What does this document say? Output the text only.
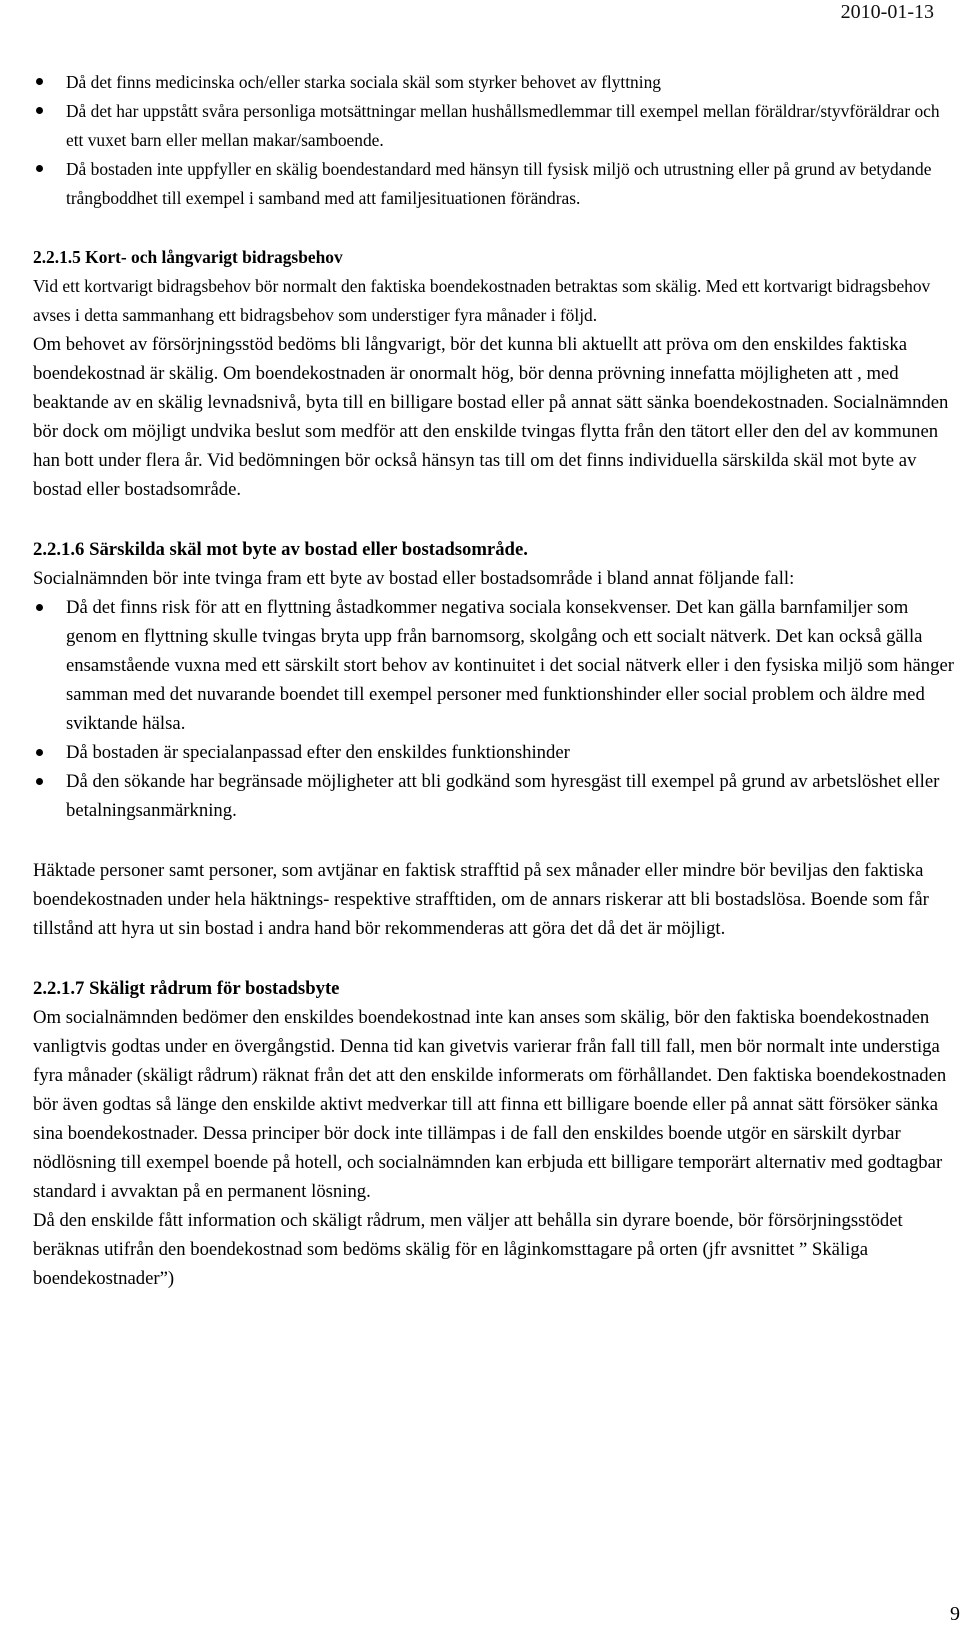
2010-01-13
Då det finns medicinska och/eller starka sociala skäl som styrker behovet av flyttning
Då det har uppstått svåra personliga motsättningar mellan hushållsmedlemmar till exempel mellan föräldrar/styvföräldrar och ett vuxet barn eller mellan makar/samboende.
Då bostaden inte uppfyller en skälig boendestandard med hänsyn till fysisk miljö och utrustning eller på grund av betydande trångboddhet till exempel i samband med att familjesituationen förändras.

2.2.1.5 Kort- och långvarigt bidragsbehov

Vid ett kortvarigt bidragsbehov bör normalt den faktiska boendekostnaden betraktas som skälig. Med ett kortvarigt bidragsbehov avses i detta sammanhang ett bidragsbehov som understiger fyra månader i följd.

Om behovet av försörjningsstöd bedöms bli långvarigt, bör det kunna bli aktuellt att pröva om den enskildes faktiska boendekostnad är skälig. Om boendekostnaden är onormalt hög, bör denna prövning innefatta möjligheten att , med beaktande av en skälig levnadsnivå, byta till en billigare bostad eller på annat sätt sänka boendekostnaden. Socialnämnden bör dock om möjligt undvika beslut som medför att den enskilde tvingas flytta från den tätort eller den del av kommunen han bott under flera år. Vid bedömningen bör också hänsyn tas till om det finns individuella särskilda skäl mot byte av bostad eller bostadsområde.

2.2.1.6 Särskilda skäl mot byte av bostad eller bostadsområde.

Socialnämnden bör inte tvinga fram ett byte av bostad eller bostadsområde i bland annat följande fall:

Då det finns risk för att en flyttning åstadkommer negativa sociala konsekvenser. Det kan gälla barnfamiljer som genom en flyttning skulle tvingas bryta upp från barnomsorg, skolgång och ett socialt nätverk. Det kan också gälla ensamstående vuxna med ett särskilt stort behov av kontinuitet i det social nätverk eller i den fysiska miljö som hänger samman med det nuvarande boendet till exempel personer med funktionshinder eller social problem och äldre med sviktande hälsa.
Då bostaden är specialanpassad efter den enskildes funktionshinder
Då den sökande har begränsade möjligheter att bli godkänd som hyresgäst till exempel på grund av arbetslöshet eller betalningsanmärkning.

Häktade personer samt personer, som avtjänar en faktisk strafftid på sex månader eller mindre bör beviljas den faktiska boendekostnaden under hela häktnings- respektive strafftiden, om de annars riskerar att bli bostadslösa. Boende som får tillstånd att hyra ut sin bostad i andra hand bör rekommenderas att göra det då det är möjligt.

2.2.1.7 Skäligt rådrum för bostadsbyte

Om socialnämnden bedömer den enskildes boendekostnad inte kan anses som skälig, bör den faktiska boendekostnaden vanligtvis godtas under en övergångstid. Denna tid kan givetvis varierar från fall till fall, men bör normalt inte understiga fyra månader (skäligt rådrum) räknat från det att den enskilde informerats om förhållandet. Den faktiska boendekostnaden bör även godtas så länge den enskilde aktivt medverkar till att finna ett billigare boende eller på annat sätt försöker sänka sina boendekostnader. Dessa principer bör dock inte tillämpas i de fall den enskildes boende utgör en särskilt dyrbar nödlösning till exempel boende på hotell, och socialnämnden kan erbjuda ett billigare temporärt alternativ med godtagbar standard i avvaktan på en permanent lösning.

Då den enskilde fått information och skäligt rådrum, men väljer att behålla sin dyrare boende, bör försörjningsstödet beräknas utifrån den boendekostnad som bedöms skälig för en låginkomsttagare på orten (jfr avsnittet ” Skäliga boendekostnader”)

9
